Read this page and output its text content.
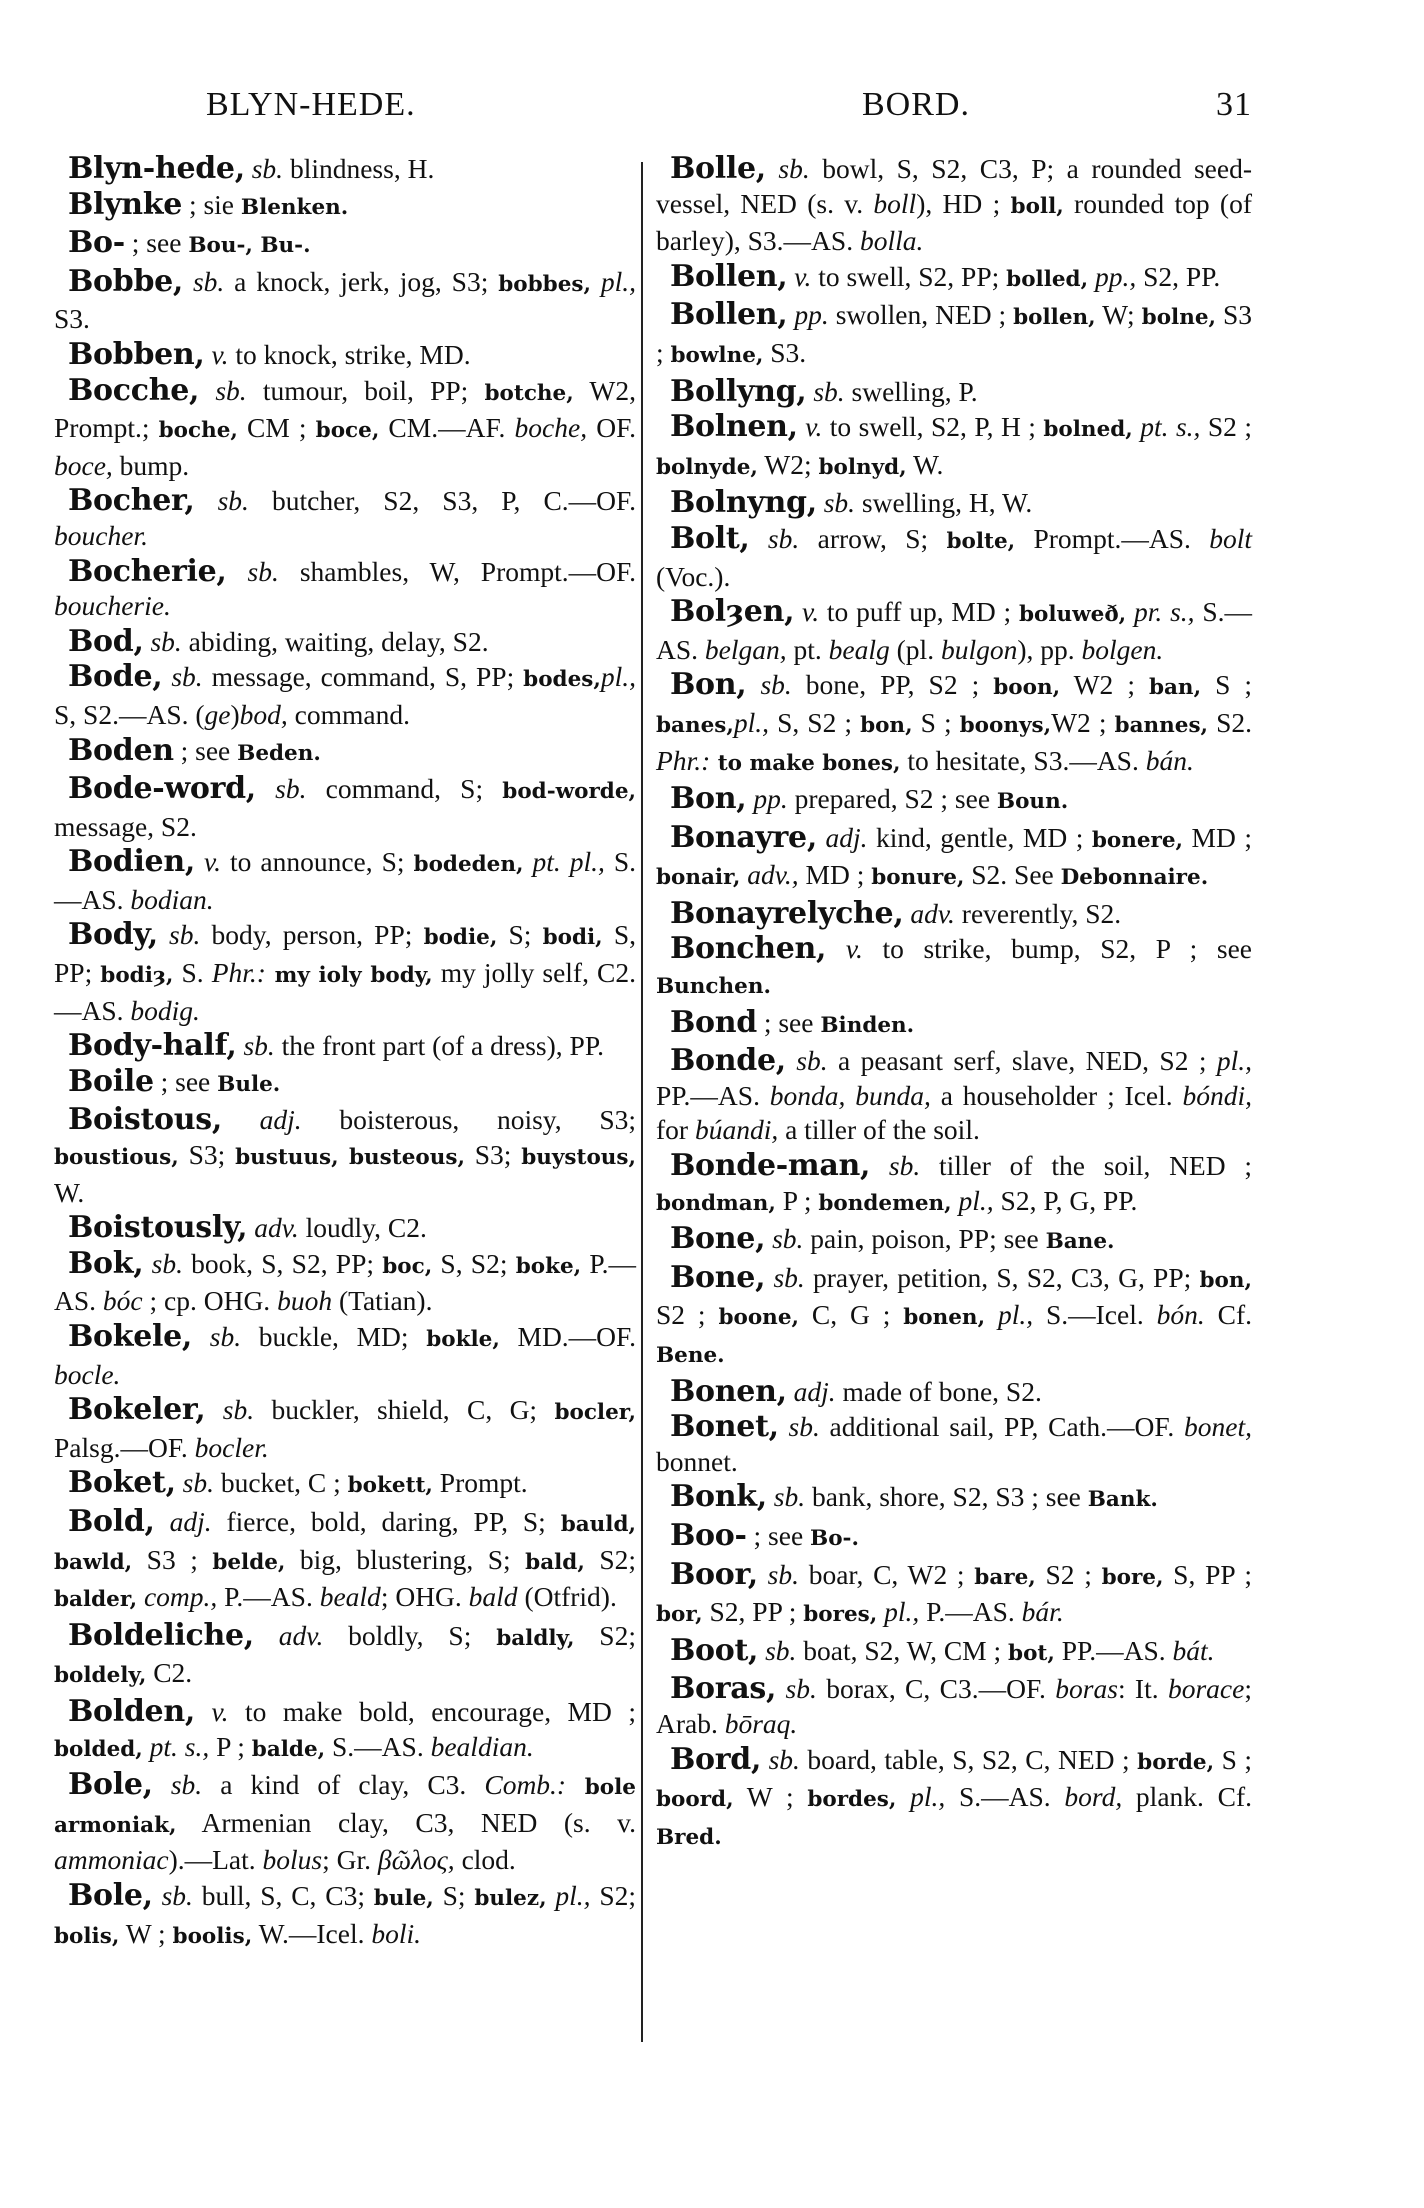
BLYN-HEDE.	BORD.	31

Blyn-hede, sb. blindness, H.

Blynke ; sie Blenken.

Bo- ; see Bou-, Bu-.

Bobbe, sb. a knock, jerk, jog, S3; bobbes, pl., S3.

Bobben, v. to knock, strike, MD.

Bocche, sb. tumour, boil, PP; botche, W2, Prompt.; boche, CM ; boce, CM.—AF. boche, OF. boce, bump.

Bocher, sb. butcher, S2, S3, P, C.—OF. boucher.

Bocherie, sb. shambles, W, Prompt.—OF. boucherie.

Bod, sb. abiding, waiting, delay, S2.

Bode, sb. message, command, S, PP; bodes,pl., S, S2.—AS. (ge)bod, command.

Boden ; see Beden.

Bode-word, sb. command, S; bod-worde, message, S2.

Bodien, v. to announce, S; bodeden, pt. pl., S.—AS. bodian.

Body, sb. body, person, PP; bodie, S; bodi, S, PP; bodiȝ, S. Phr.: my ioly body, my jolly self, C2.—AS. bodig.

Body-half, sb. the front part (of a dress), PP.

Boile ; see Bule.

Boistous, adj. boisterous, noisy, S3; boustious, S3; bustuus, busteous, S3; buystous, W.

Boistously, adv. loudly, C2.

Bok, sb. book, S, S2, PP; boc, S, S2; boke, P.—AS. bóc ; cp. OHG. buoh (Tatian).

Bokele, sb. buckle, MD; bokle, MD.—OF. bocle.

Bokeler, sb. buckler, shield, C, G; bocler, Palsg.—OF. bocler.

Boket, sb. bucket, C ; bokett, Prompt.

Bold, adj. fierce, bold, daring, PP, S; bauld, bawld, S3 ; belde, big, blustering, S; bald, S2; balder, comp., P.—AS. beald; OHG. bald (Otfrid).

Boldeliche, adv. boldly, S; baldly, S2; boldely, C2.

Bolden, v. to make bold, encourage, MD ; bolded, pt. s., P ; balde, S.—AS. bealdian.

Bole, sb. a kind of clay, C3. Comb.: bole armoniak, Armenian clay, C3, NED (s. v. ammoniac).—Lat. bolus; Gr. βῶλος, clod.

Bole, sb. bull, S, C, C3; bule, S; bulez, pl., S2; bolis, W ; boolis, W.—Icel. boli.

Bolle, sb. bowl, S, S2, C3, P; a rounded seed-vessel, NED (s. v. boll), HD ; boll, rounded top (of barley), S3.—AS. bolla.

Bollen, v. to swell, S2, PP; bolled, pp., S2, PP.

Bollen, pp. swollen, NED ; bollen, W; bolne, S3 ; bowlne, S3.

Bollyng, sb. swelling, P.

Bolnen, v. to swell, S2, P, H ; bolned, pt. s., S2 ; bolnyde, W2; bolnyd, W.

Bolnyng, sb. swelling, H, W.

Bolt, sb. arrow, S; bolte, Prompt.—AS. bolt (Voc.).

Bolȝen, v. to puff up, MD ; boluweð, pr. s., S.—AS. belgan, pt. bealg (pl. bulgon), pp. bolgen.

Bon, sb. bone, PP, S2 ; boon, W2 ; ban, S ; banes,pl., S, S2 ; bon, S ; boonys,W2 ; bannes, S2. Phr.: to make bones, to hesitate, S3.—AS. bán.

Bon, pp. prepared, S2 ; see Boun.

Bonayre, adj. kind, gentle, MD ; bonere, MD ; bonair, adv., MD ; bonure, S2. See Debonnaire.

Bonayrelyche, adv. reverently, S2.

Bonchen, v. to strike, bump, S2, P ; see Bunchen.

Bond ; see Binden.

Bonde, sb. a peasant serf, slave, NED, S2 ; pl., PP.—AS. bonda, bunda, a householder ; Icel. bóndi, for búandi, a tiller of the soil.

Bonde-man, sb. tiller of the soil, NED ; bondman, P ; bondemen, pl., S2, P, G, PP.

Bone, sb. pain, poison, PP; see Bane.

Bone, sb. prayer, petition, S, S2, C3, G, PP; bon, S2 ; boone, C, G ; bonen, pl., S.—Icel. bón. Cf. Bene.

Bonen, adj. made of bone, S2.

Bonet, sb. additional sail, PP, Cath.—OF. bonet, bonnet.

Bonk, sb. bank, shore, S2, S3 ; see Bank.

Boo- ; see Bo-.

Boor, sb. boar, C, W2 ; bare, S2 ; bore, S, PP ; bor, S2, PP ; bores, pl., P.—AS. bár.

Boot, sb. boat, S2, W, CM ; bot, PP.—AS. bát.

Boras, sb. borax, C, C3.—OF. boras: It. borace; Arab. bōraq.

Bord, sb. board, table, S, S2, C, NED ; borde, S ; boord, W ; bordes, pl., S.—AS. bord, plank. Cf. Bred.
